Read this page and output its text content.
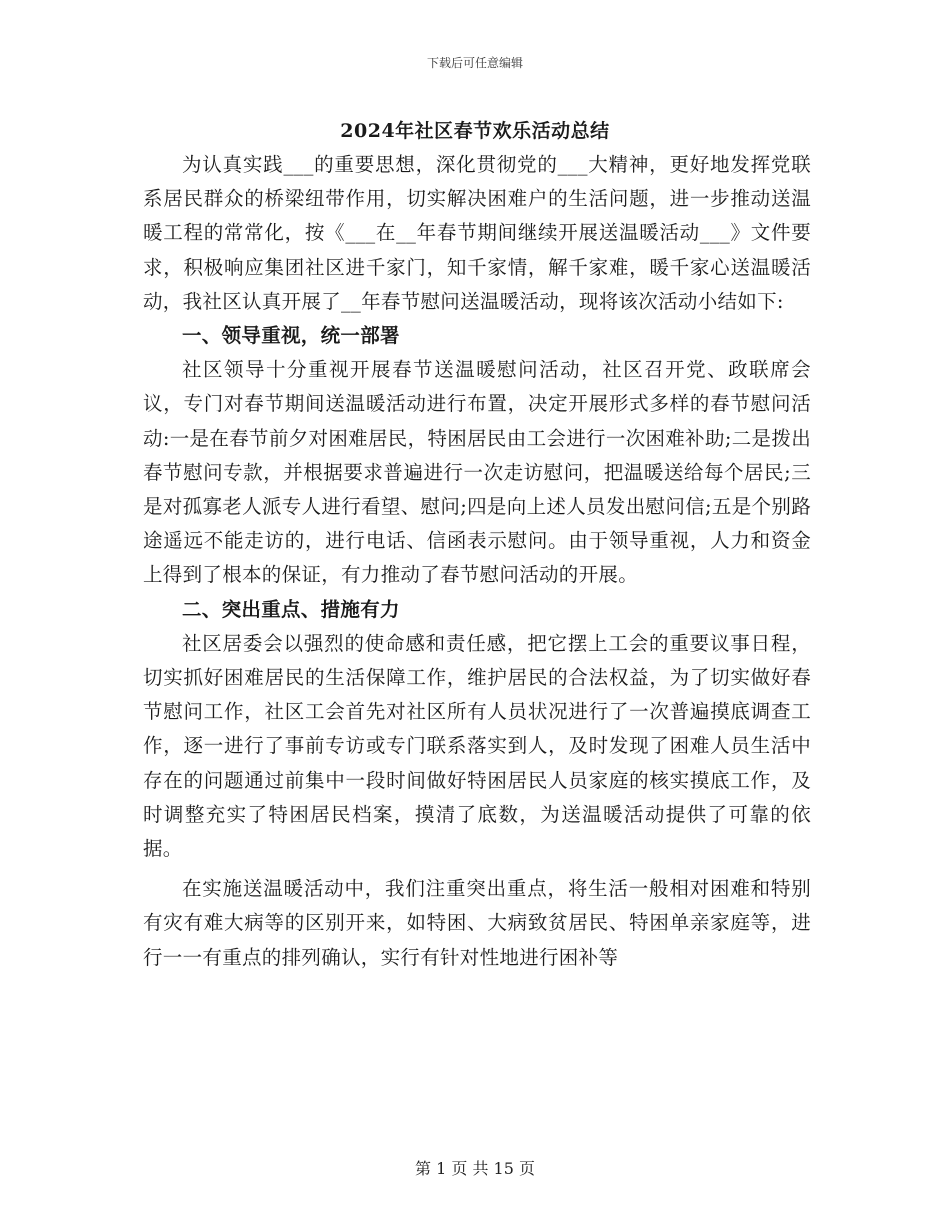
下载后可任意编辑
2024年社区春节欢乐活动总结

为认真实践___的重要思想，深化贯彻党的___大精神，更好地发挥党联系居民群众的桥梁纽带作用，切实解决困难户的生活问题，进一步推动送温暖工程的常常化，按《___在__年春节期间继续开展送温暖活动___》文件要求，积极响应集团社区进千家门，知千家情，解千家难，暖千家心送温暖活动，我社区认真开展了__年春节慰问送温暖活动，现将该次活动小结如下:

一、领导重视，统一部署

社区领导十分重视开展春节送温暖慰问活动，社区召开党、政联席会议，专门对春节期间送温暖活动进行布置，决定开展形式多样的春节慰问活动:一是在春节前夕对困难居民，特困居民由工会进行一次困难补助;二是拨出春节慰问专款，并根据要求普遍进行一次走访慰问，把温暖送给每个居民;三是对孤寡老人派专人进行看望、慰问;四是向上述人员发出慰问信;五是个别路途遥远不能走访的，进行电话、信函表示慰问。由于领导重视，人力和资金上得到了根本的保证，有力推动了春节慰问活动的开展。

二、突出重点、措施有力

社区居委会以强烈的使命感和责任感，把它摆上工会的重要议事日程，切实抓好困难居民的生活保障工作，维护居民的合法权益，为了切实做好春节慰问工作，社区工会首先对社区所有人员状况进行了一次普遍摸底调查工作，逐一进行了事前专访或专门联系落实到人，及时发现了困难人员生活中存在的问题通过前集中一段时间做好特困居民人员家庭的核实摸底工作，及时调整充实了特困居民档案，摸清了底数，为送温暖活动提供了可靠的依据。

在实施送温暖活动中，我们注重突出重点，将生活一般相对困难和特别有灾有难大病等的区别开来，如特困、大病致贫居民、特困单亲家庭等，进行一一有重点的排列确认，实行有针对性地进行困补等

第 1 页 共 15 页
